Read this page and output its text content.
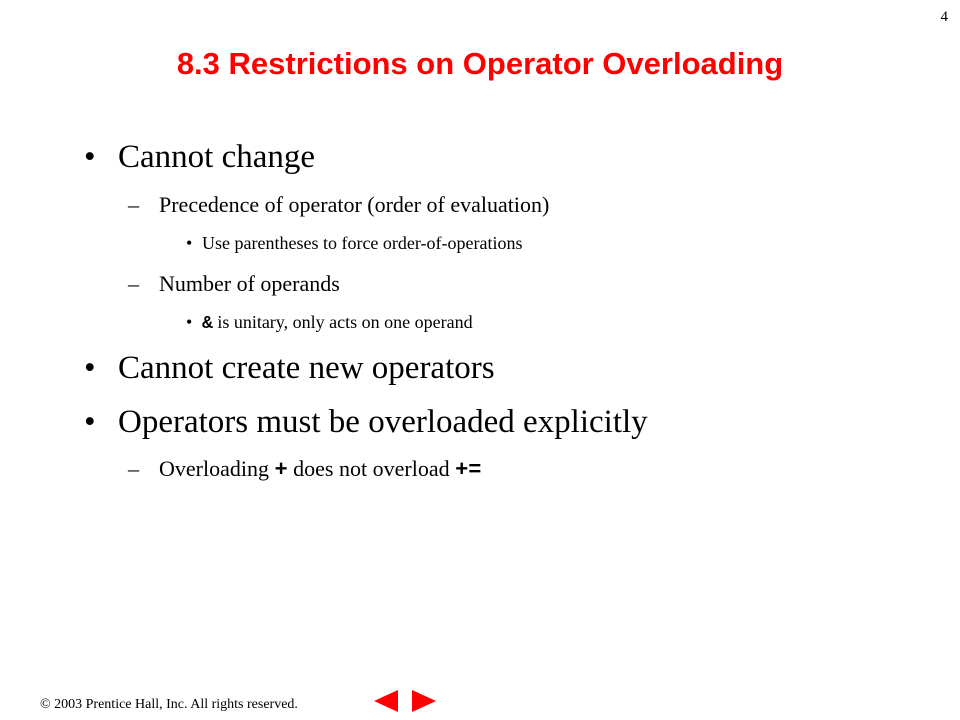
4
8.3 Restrictions on Operator Overloading
• Cannot change
– Precedence of operator (order of evaluation)
• Use parentheses to force order-of-operations
– Number of operands
• & is unitary, only acts on one operand
• Cannot create new operators
• Operators must be overloaded explicitly
– Overloading + does not overload +=
© 2003 Prentice Hall, Inc. All rights reserved.
